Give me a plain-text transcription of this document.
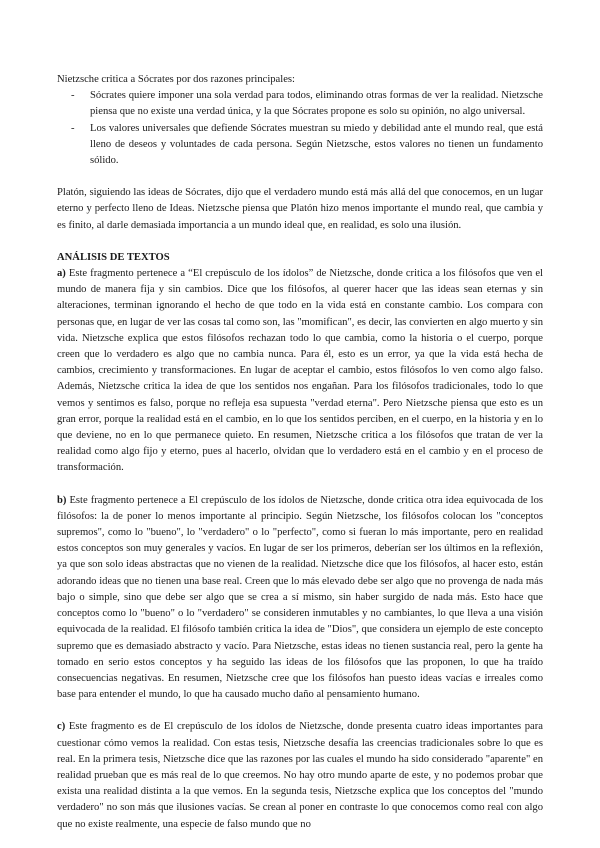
Nietzsche critica a Sócrates por dos razones principales:

- Sócrates quiere imponer una sola verdad para todos, eliminando otras formas de ver la realidad. Nietzsche piensa que no existe una verdad única, y la que Sócrates propone es solo su opinión, no algo universal.
- Los valores universales que defiende Sócrates muestran su miedo y debilidad ante el mundo real, que está lleno de deseos y voluntades de cada persona. Según Nietzsche, estos valores no tienen un fundamento sólido.

Platón, siguiendo las ideas de Sócrates, dijo que el verdadero mundo está más allá del que conocemos, en un lugar eterno y perfecto lleno de Ideas. Nietzsche piensa que Platón hizo menos importante el mundo real, que cambia y es finito, al darle demasiada importancia a un mundo ideal que, en realidad, es solo una ilusión.

ANÁLISIS DE TEXTOS

a) Este fragmento pertenece a “El crepúsculo de los ídolos” de Nietzsche, donde critica a los filósofos que ven el mundo de manera fija y sin cambios. Dice que los filósofos, al querer hacer que las ideas sean eternas y sin alteraciones, terminan ignorando el hecho de que todo en la vida está en constante cambio. Los compara con personas que, en lugar de ver las cosas tal como son, las "momifican", es decir, las convierten en algo muerto y sin vida. Nietzsche explica que estos filósofos rechazan todo lo que cambia, como la historia o el cuerpo, porque creen que lo verdadero es algo que no cambia nunca. Para él, esto es un error, ya que la vida está hecha de cambios, crecimiento y transformaciones. En lugar de aceptar el cambio, estos filósofos lo ven como algo falso. Además, Nietzsche critica la idea de que los sentidos nos engañan. Para los filósofos tradicionales, todo lo que vemos y sentimos es falso, porque no refleja esa supuesta "verdad eterna". Pero Nietzsche piensa que esto es un gran error, porque la realidad está en el cambio, en lo que los sentidos perciben, en el cuerpo, en la historia y en lo que deviene, no en lo que permanece quieto. En resumen, Nietzsche critica a los filósofos que tratan de ver la realidad como algo fijo y eterno, pues al hacerlo, olvidan que lo verdadero está en el cambio y en el proceso de transformación.

b) Este fragmento pertenece a El crepúsculo de los ídolos de Nietzsche, donde critica otra idea equivocada de los filósofos: la de poner lo menos importante al principio. Según Nietzsche, los filósofos colocan los "conceptos supremos", como lo "bueno", lo "verdadero" o lo "perfecto", como si fueran lo más importante, pero en realidad estos conceptos son muy generales y vacíos. En lugar de ser los primeros, deberían ser los últimos en la reflexión, ya que son solo ideas abstractas que no vienen de la realidad. Nietzsche dice que los filósofos, al hacer esto, están adorando ideas que no tienen una base real. Creen que lo más elevado debe ser algo que no provenga de nada más bajo o simple, sino que debe ser algo que se crea a sí mismo, sin haber surgido de nada más. Esto hace que conceptos como lo "bueno" o lo "verdadero" se consideren inmutables y no cambiantes, lo que lleva a una visión equivocada de la realidad. El filósofo también critica la idea de "Dios", que considera un ejemplo de este concepto supremo que es demasiado abstracto y vacío. Para Nietzsche, estas ideas no tienen sustancia real, pero la gente ha tomado en serio estos conceptos y ha seguido las ideas de los filósofos que las proponen, lo que ha traído consecuencias negativas. En resumen, Nietzsche cree que los filósofos han puesto ideas vacías e irreales como base para entender el mundo, lo que ha causado mucho daño al pensamiento humano.

c) Este fragmento es de El crepúsculo de los ídolos de Nietzsche, donde presenta cuatro ideas importantes para cuestionar cómo vemos la realidad. Con estas tesis, Nietzsche desafía las creencias tradicionales sobre lo que es real. En la primera tesis, Nietzsche dice que las razones por las cuales el mundo ha sido considerado "aparente" en realidad prueban que es más real de lo que creemos. No hay otro mundo aparte de este, y no podemos probar que exista una realidad distinta a la que vemos. En la segunda tesis, Nietzsche explica que los conceptos del "mundo verdadero" no son más que ilusiones vacías. Se crean al poner en contraste lo que conocemos como real con algo que no existe realmente, una especie de falso mundo que no
